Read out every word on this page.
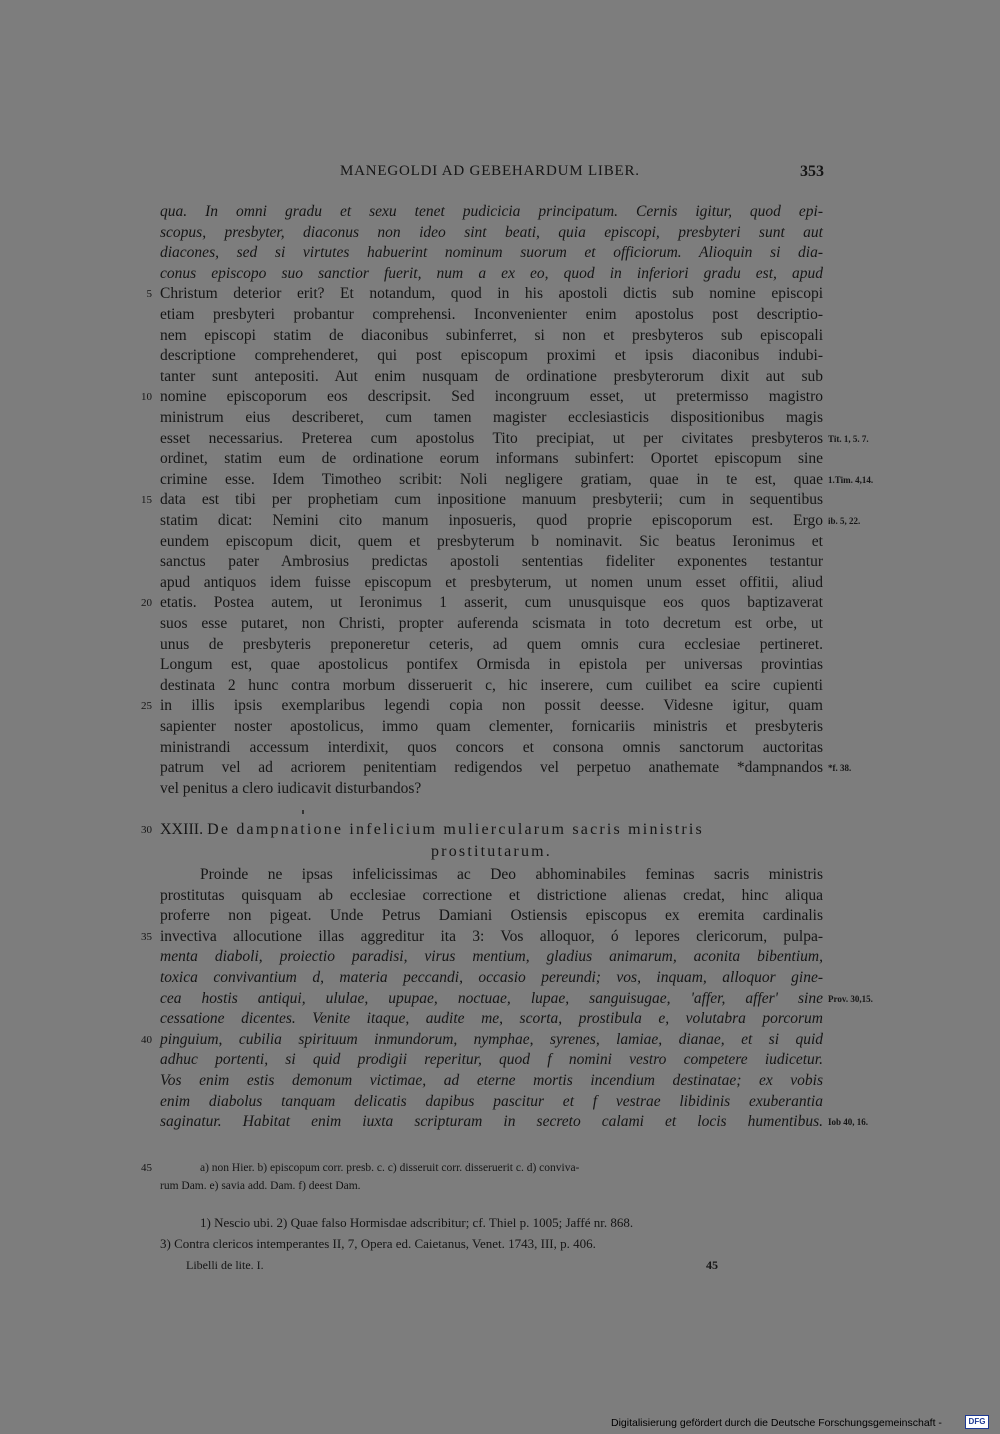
MANEGOLDI AD GEBEHARDUM LIBER.	353
qua. In omni gradu et sexu tenet pudicicia principatum. Cernis igitur, quod epi-
scopus, presbyter, diaconus non ideo sint beati, quia episcopi, presbyteri sunt aut
diacones, sed si virtutes habuerint nominum suorum et officiorum. Alioquin si dia-
conus episcopo suo sanctior fuerit, num a ex eo, quod in inferiori gradu est, apud
Christum deterior erit? Et notandum, quod in his apostoli dictis sub nomine episcopi
5
etiam presbyteri probantur comprehensi. Inconvenienter enim apostolus post descriptio-
nem episcopi statim de diaconibus subinferret, si non et presbyteros sub episcopali
descriptione comprehenderet, qui post episcopum proximi et ipsis diaconibus indubi-
tanter sunt antepositi. Aut enim nusquam de ordinatione presbyterorum dixit aut sub
nomine episcoporum eos descripsit. Sed incongruum esset, ut pretermisso magistro
10
ministrum eius describeret, cum tamen magister ecclesiasticis dispositionibus magis
esset necessarius. Preterea cum apostolus Tito precipiat, ut per civitates presbyteros Tit. 1, 5. 7.
ordinet, statim eum de ordinatione eorum informans subinfert: Oportet episcopum sine
crimine esse. Idem Timotheo scribit: Noli negligere gratiam, quae in te est, quae 1.Tim. 4,14.
data est tibi per prophetiam cum inpositione manuum presbyterii; cum in sequentibus
15
statim dicat: Nemini cito manum inposueris, quod proprie episcoporum est. Ergo ib. 5, 22.
eundem episcopum dicit, quem et presbyterum b nominavit. Sic beatus Ieronimus et
sanctus pater Ambrosius predictas apostoli sententias fideliter exponentes testantur
apud antiquos idem fuisse episcopum et presbyterum, ut nomen unum esset offitii, aliud
etatis. Postea autem, ut Ieronimus 1 asserit, cum unusquisque eos quos baptizaverat
20
suos esse putaret, non Christi, propter auferenda scismata in toto decretum est orbe, ut
unus de presbyteris preponeretur ceteris, ad quem omnis cura ecclesiae pertineret.
Longum est, quae apostolicus pontifex Ormisda in epistola per universas provintias
destinata 2 hunc contra morbum disseruerit c, hic inserere, cum cuilibet ea scire cupienti
in illis ipsis exemplaribus legendi copia non possit deesse. Videsne igitur, quam
25
sapienter noster apostolicus, immo quam clementer, fornicariis ministris et presbyteris
ministrandi accessum interdixit, quos concors et consona omnis sanctorum auctoritas
patrum vel ad acriorem penitentiam redigendos vel perpetuo anathemate *dampnandos *f. 38.
vel penitus a clero iudicavit disturbandos?
30 XXIII. De dampnatione infelicium muliercularum sacris ministris
prostitutarum.
Proinde ne ipsas infelicissimas ac Deo abhominabiles feminas sacris ministris
prostitutas quisquam ab ecclesiae correctione et districtione alienas credat, hinc aliqua
proferre non pigeat. Unde Petrus Damiani Ostiensis episcopus ex eremita cardinalis
invectiva allocutione illas aggreditur ita 3: Vos alloquor, ó lepores clericorum, pulpa-
35
menta diaboli, proiectio paradisi, virus mentium, gladius animarum, aconita bibentium,
toxica convivantium d, materia peccandi, occasio pereundi; vos, inquam, alloquor gine-
cea hostis antiqui, ululae, upupae, noctuae, lupae, sanguisugae, 'affer, affer' sine Prov. 30,15.
cessatione dicentes. Venite itaque, audite me, scorta, prostibula e, volutabra porcorum
pinguium, cubilia spirituum inmundorum, nymphae, syrenes, lamiae, dianae, et si quid
40
adhuc portenti, si quid prodigii reperitur, quod f nomini vestro competere iudicetur.
Vos enim estis demonum victimae, ad eterne mortis incendium destinatae; ex vobis
enim diabolus tanquam delicatis dapibus pascitur et f vestrae libidinis exuberantia
saginatur. Habitat enim iuxta scripturam in secreto calami et locis humentibus. Iob 40, 16.
45	a) non Hier. b) episcopum corr. presb. c. c) disseruit corr. disseruerit c. d) conviva-
rum Dam. e) savia add. Dam. f) deest Dam.
1) Nescio ubi. 2) Quae falso Hormisdae adscribitur; cf. Thiel p. 1005; Jaffé nr. 868.
3) Contra clericos intemperantes II, 7, Opera ed. Caietanus, Venet. 1743, III, p. 406.
Libelli de lite. I.	45
Digitalisierung gefördert durch die Deutsche Forschungsgemeinschaft -	DFG
